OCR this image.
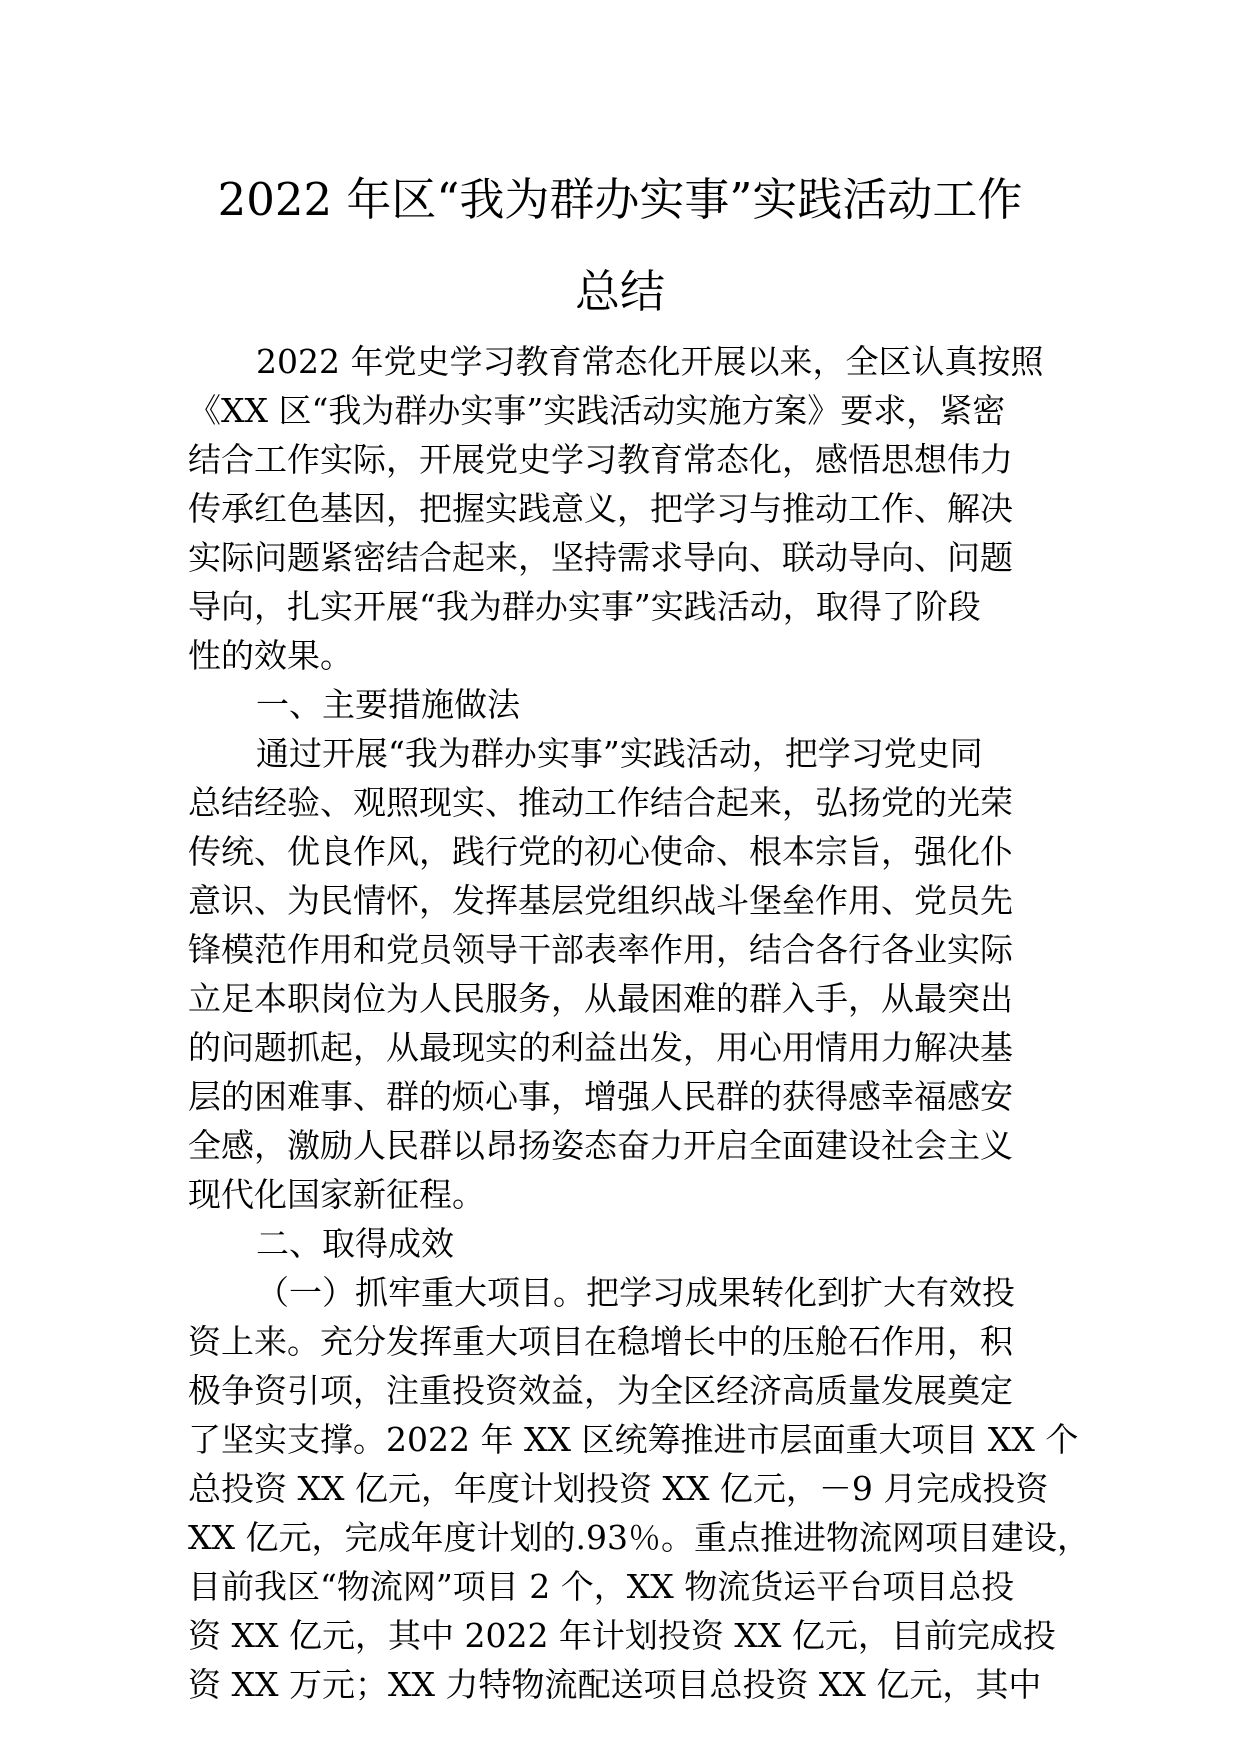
2022 年区“我为群办实事”实践活动工作
总结

2022 年党史学习教育常态化开展以来，全区认真按照

《XX 区“我为群办实事”实践活动实施方案》要求，紧密

结合工作实际，开展党史学习教育常态化，感悟思想伟力

传承红色基因，把握实践意义，把学习与推动工作、解决

实际问题紧密结合起来，坚持需求导向、联动导向、问题

导向，扎实开展“我为群办实事”实践活动，取得了阶段

性的效果。

一、主要措施做法

通过开展“我为群办实事”实践活动，把学习党史同

总结经验、观照现实、推动工作结合起来，弘扬党的光荣

传统、优良作风，践行党的初心使命、根本宗旨，强化仆

意识、为民情怀，发挥基层党组织战斗堡垒作用、党员先

锋模范作用和党员领导干部表率作用，结合各行各业实际

立足本职岗位为人民服务，从最困难的群入手，从最突出

的问题抓起，从最现实的利益出发，用心用情用力解决基

层的困难事、群的烦心事，增强人民群的获得感幸福感安

全感，激励人民群以昂扬姿态奋力开启全面建设社会主义

现代化国家新征程。

二、取得成效

（一）抓牢重大项目。把学习成果转化到扩大有效投

资上来。充分发挥重大项目在稳增长中的压舱石作用，积

极争资引项，注重投资效益，为全区经济高质量发展奠定

了坚实支撑。2022 年 XX 区统筹推进市层面重大项目 XX 个

总投资 XX 亿元，年度计划投资 XX 亿元，－9 月完成投资

XX 亿元，完成年度计划的.93％。重点推进物流网项目建设，

目前我区“物流网”项目 2 个，XX 物流货运平台项目总投

资 XX 亿元，其中 2022 年计划投资 XX 亿元，目前完成投

资 XX 万元；XX 力特物流配送项目总投资 XX 亿元，其中
